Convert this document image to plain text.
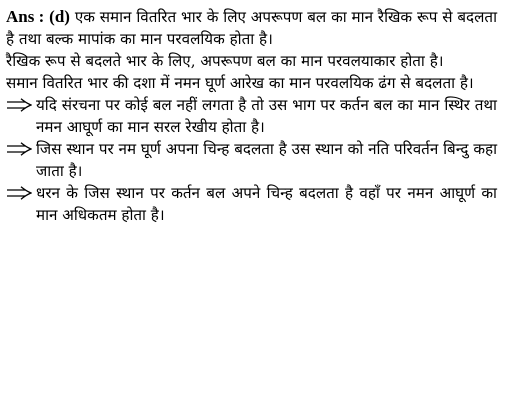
Ans : (d) एक समान वितरित भार के लिए अपरूपण बल का मान रैखिक रूप से बदलता है तथा बल्क मापांक का मान परवलयिक होता है।

रैखिक रूप से बदलते भार के लिए, अपरूपण बल का मान परवलयाकार होता है।

समान वितरित भार की दशा में नमन घूर्ण आरेख का मान परवलयिक ढंग से बदलता है।

यदि संरचना पर कोई बल नहीं लगता है तो उस भाग पर कर्तन बल का मान स्थिर तथा नमन आघूर्ण का मान सरल रेखीय होता है।
जिस स्थान पर नम घूर्ण अपना चिन्ह बदलता है उस स्थान को नति परिवर्तन बिन्दु कहा जाता है।
धरन के जिस स्थान पर कर्तन बल अपने चिन्ह बदलता है वहाँ पर नमन आघूर्ण का मान अधिकतम होता है।
